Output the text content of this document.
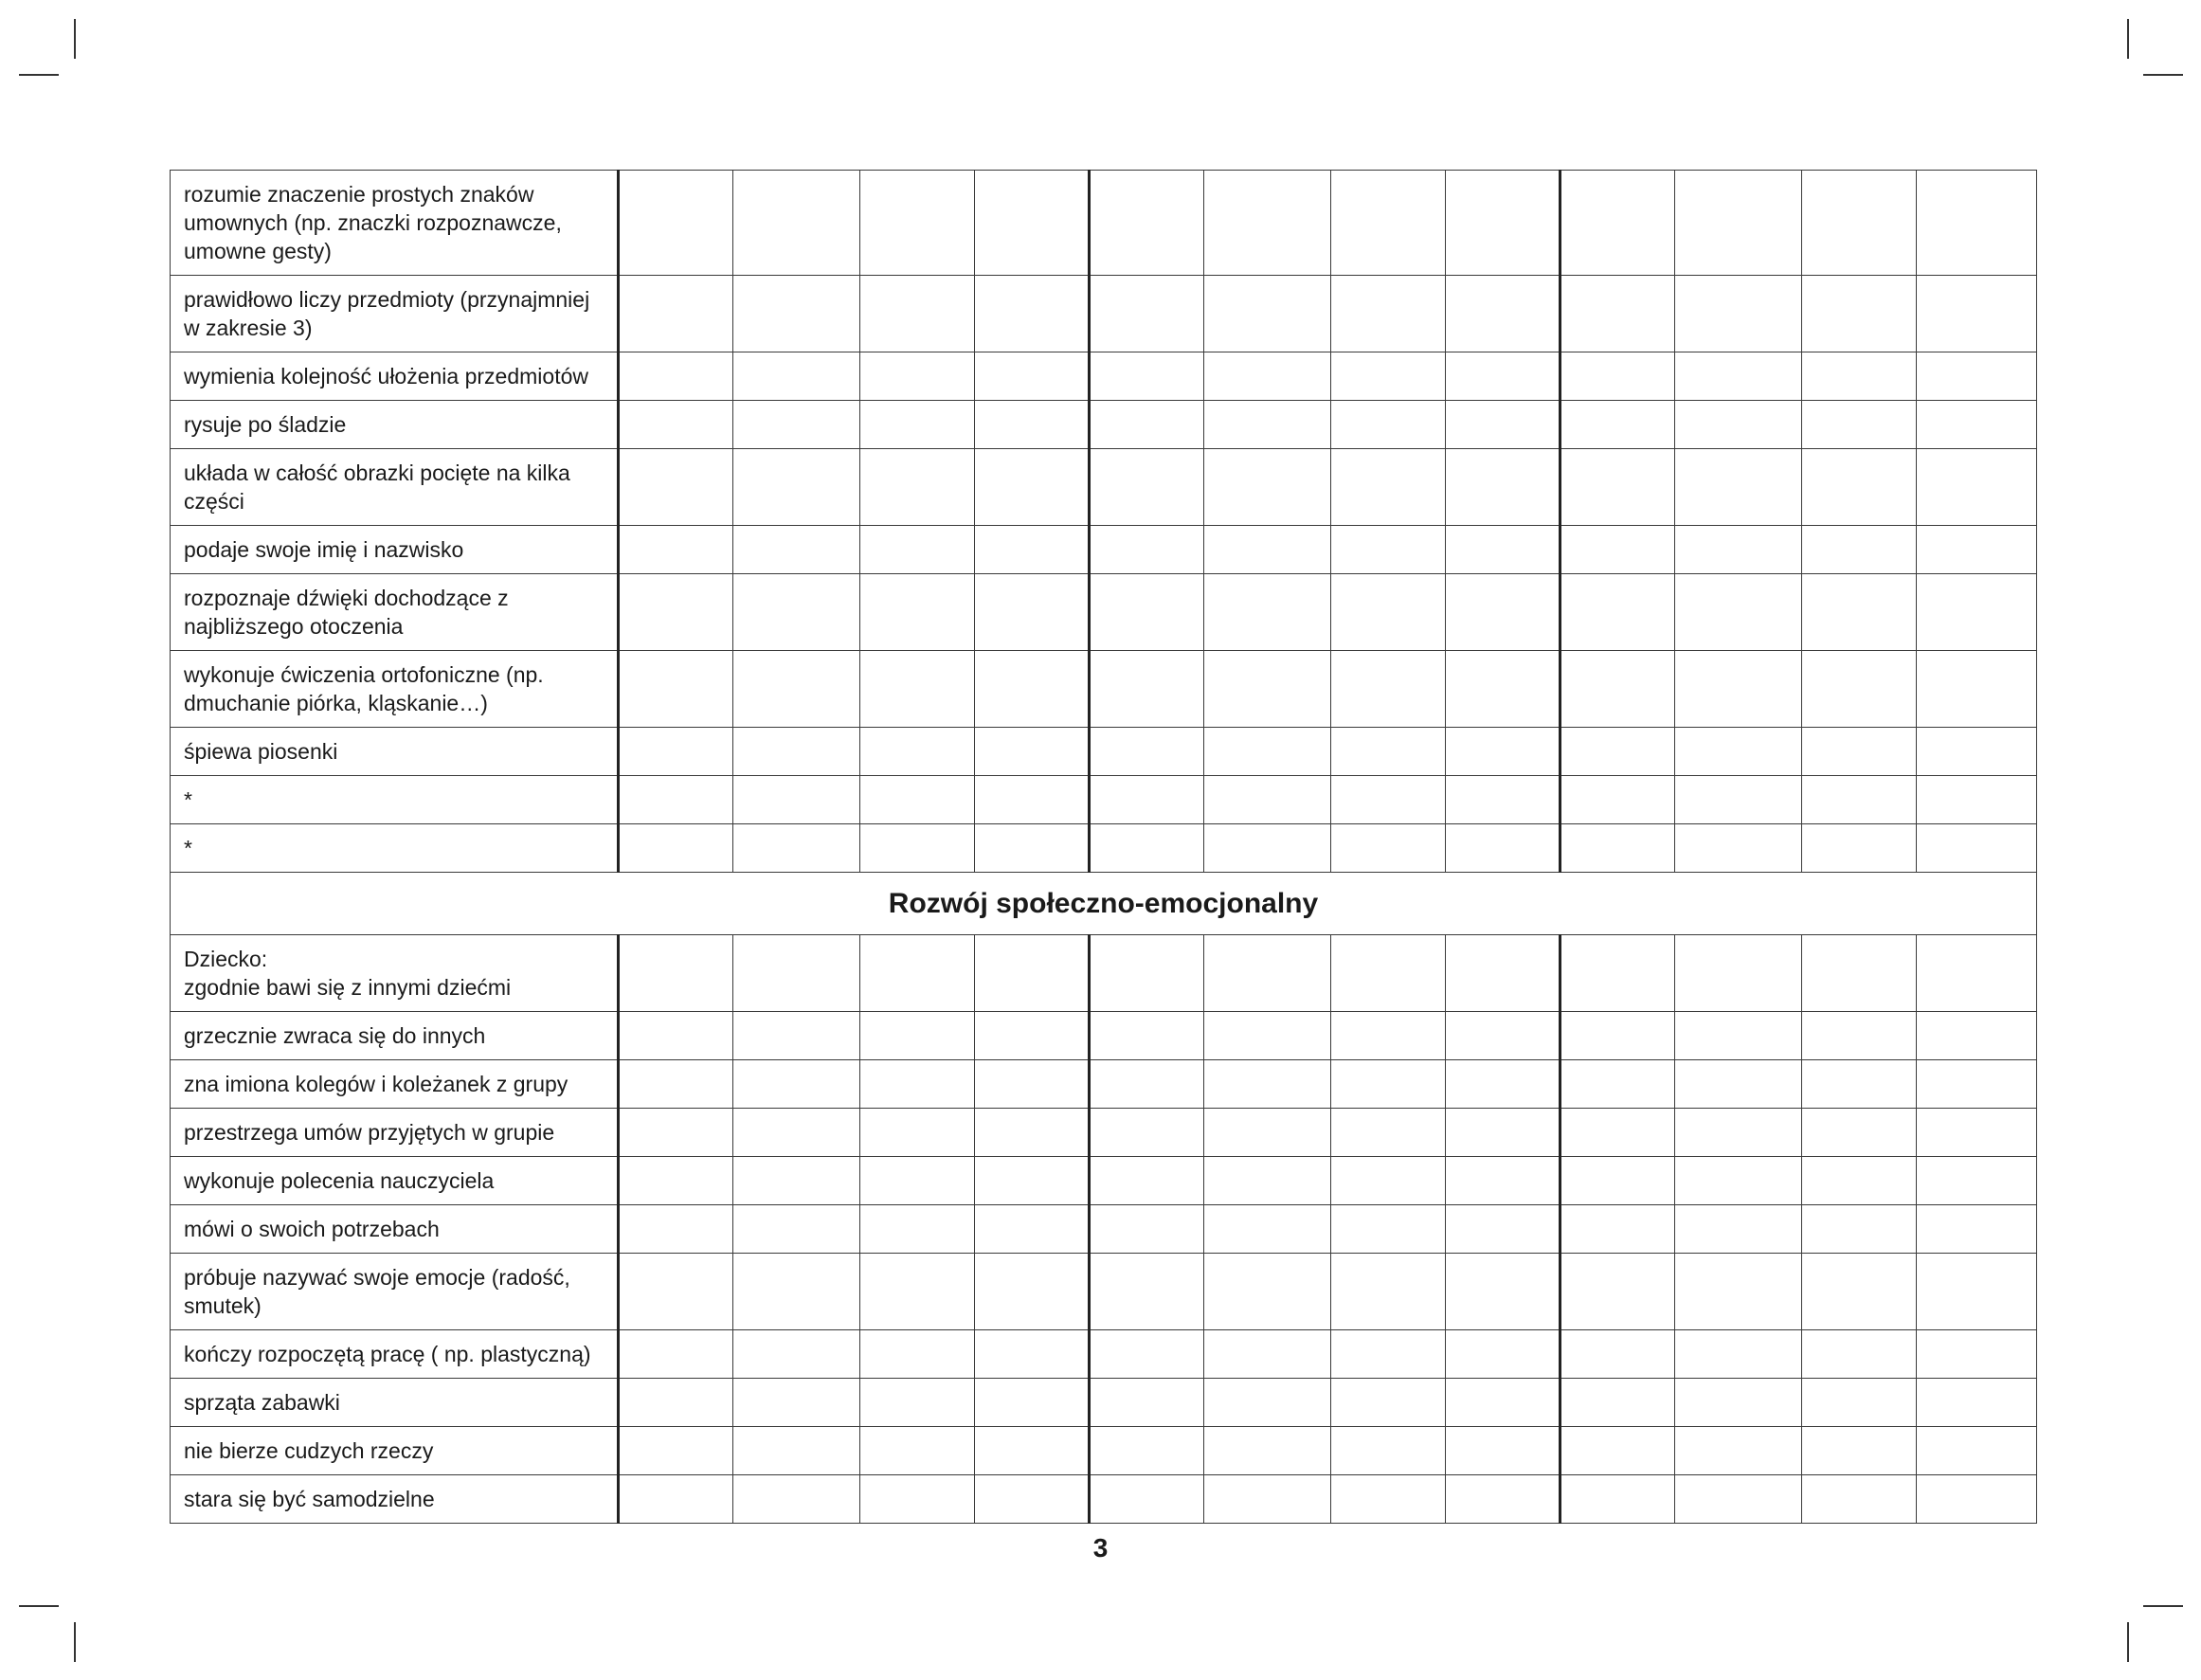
rozumie znaczenie prostych znaków
umownych (np. znaczki rozpoznawcze,
umowne gesty)												

prawidłowo liczy przedmioty (przynajmniej
w zakresie 3)												

wymienia kolejność ułożenia przedmiotów												

rysuje po śladzie												

układa w całość obrazki pocięte na kilka części												

podaje swoje imię i nazwisko												

rozpoznaje dźwięki dochodzące z
najbliższego otoczenia												

wykonuje ćwiczenia ortofoniczne (np.
dmuchanie piórka, kląskanie…)												

śpiewa piosenki												

*												

*												

Rozwój społeczno-emocjonalny												

Dziecko:
zgodnie bawi się z innymi dziećmi												

grzecznie zwraca się do innych												

zna imiona kolegów i koleżanek z grupy												

przestrzega umów przyjętych w grupie												

wykonuje polecenia nauczyciela												

mówi o swoich potrzebach												

próbuje nazywać swoje emocje (radość,
smutek)												

kończy rozpoczętą pracę ( np. plastyczną)												

sprząta zabawki												

nie bierze cudzych rzeczy												

stara się być samodzielne												

3
